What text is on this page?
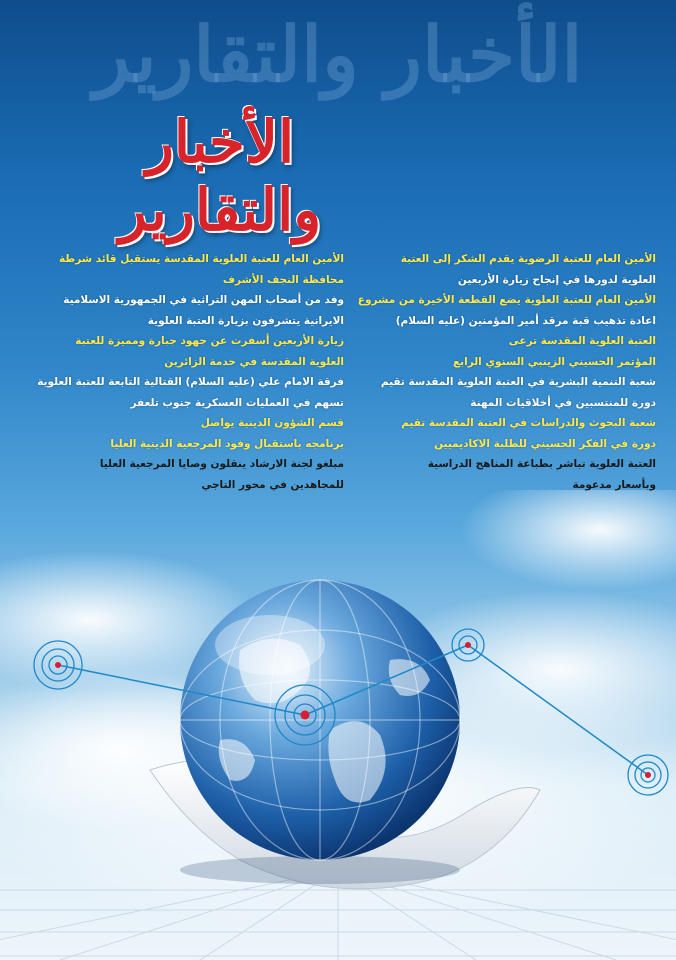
الأخبار والتقارير
الأخبار والتقارير

الأمين العام للعتبة الرضوية يقدم الشكر إلى العتبة

العلوية لدورها في إنجاح زيارة الأربعين

الأمين العام للعتبة العلوية يضع القطعة الأخيرة من مشروع

اعادة تذهيب قبة مرقد أمير المؤمنين (عليه السلام)

العتبة العلوية المقدسة ترعى

المؤتمر الحسيني الزينبي السنوي الرابع

شعبة التنمية البشرية في العتبة العلوية المقدسة تقيم

دورة للمنتسبين في أخلاقيات المهنة

شعبة البحوث والدراسات في العتبة المقدسة تقيم

دورة في الفكر الحسيني للطلبة الاكاديميين

العتبة العلوية تباشر بطباعة المناهج الدراسية

وبأسعار مدعومة

الأمين العام للعتبة العلوية المقدسة يستقبل قائد شرطة

محافظة النجف الأشرف

وفد من أصحاب المهن التراثية في الجمهورية الاسلامية

الايرانية يتشرفون بزيارة العتبة العلوية

زيارة الأربعين أسفرت عن جهود جبارة ومميزة للعتبة

العلوية المقدسة في خدمة الزائرين

فرقة الامام علي (عليه السلام) القتالية التابعة للعتبة العلوية

تسهم في العمليات العسكرية جنوب تلعفر

قسم الشؤون الدينية يواصل

برنامجه باستقبال وفود المرجعية الدينية العليا

مبلغو لجنة الارشاد ينقلون وصايا المرجعية العليا

للمجاهدين في محور التاجي
